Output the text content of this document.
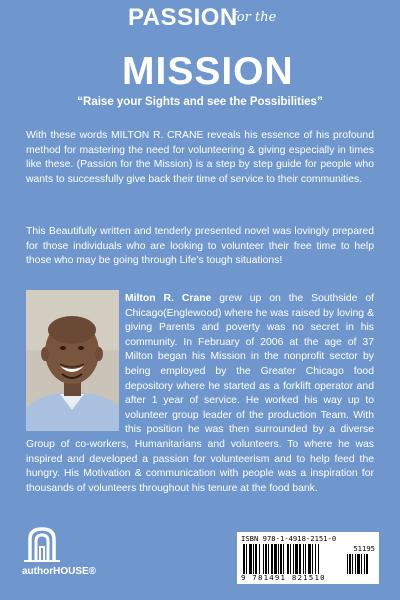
PASSION
for the
MISSION
“Raise your Sights and see the Possibilities”

With these words MILTON R. CRANE reveals his essence of his profound method for mastering the need for volunteering & giving especially in times like these. (Passion for the Mission) is a step by step guide for people who wants to successfully give back their time of service to their communities.

This Beautifully written and tenderly presented novel was lovingly prepared for those individuals who are looking to volunteer their free time to help those who may be going through Life’s tough situations!

Milton R. Crane grew up on the Southside of Chicago(Englewood) where he was raised by loving & giving Parents and poverty was no secret in his community. In February of 2006 at the age of 37 Milton began his Mission in the nonprofit sector by being employed by the Greater Chicago food depository where he started as a forklift operator and after 1 year of service. He worked his way up to volunteer group leader of the production Team. With this position he was then surrounded by a diverse Group of co-workers, Humanitarians and volunteers. To where he was inspired and developed a passion for volunteerism and to help feed the hungry. His Motivation & communication with people was a inspiration for thousands of volunteers throughout his tenure at the food bank.

authorHOUSE®
ISBN 978-1-4918-2151-0
51195
9 781491 821510
